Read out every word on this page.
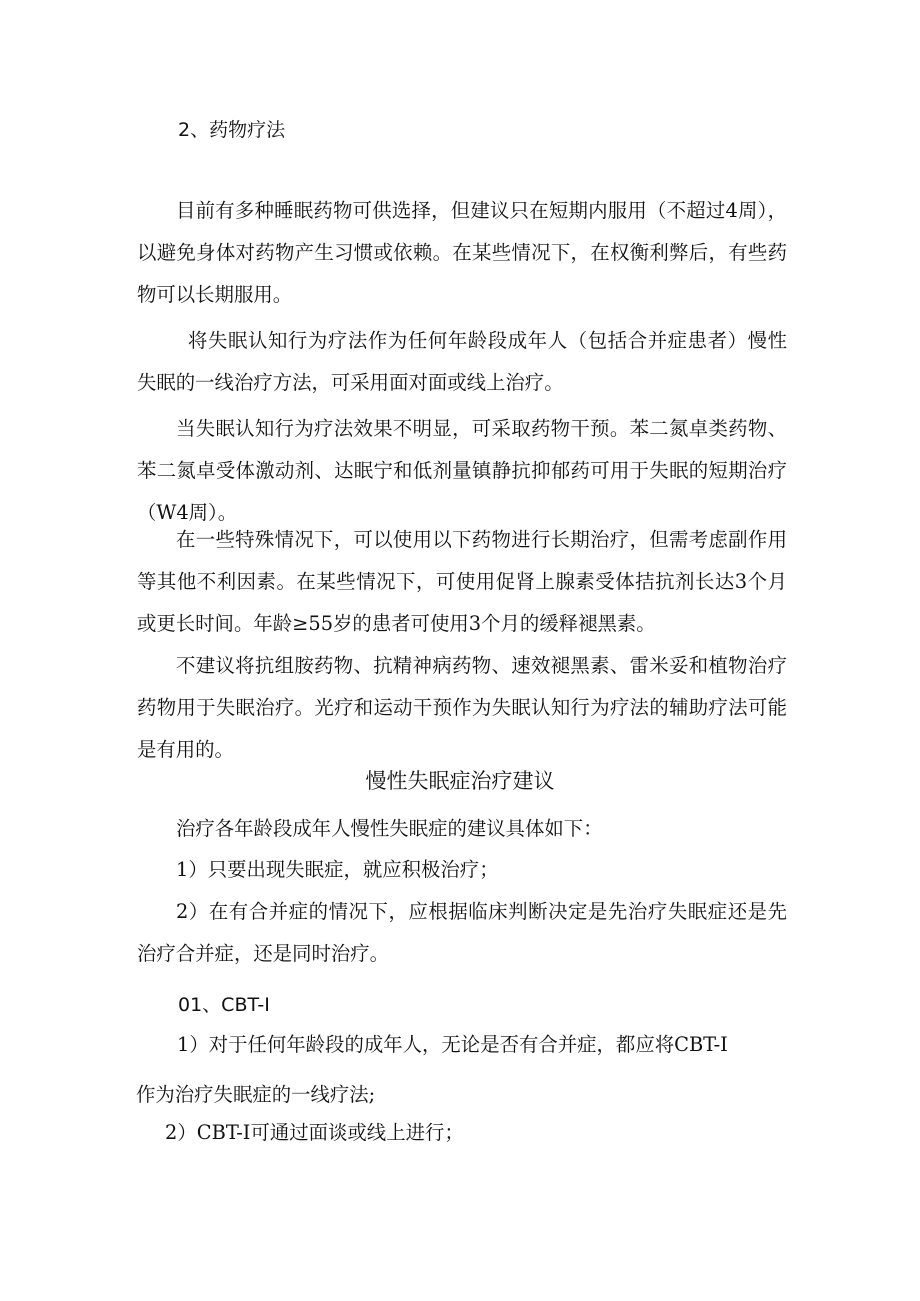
2、药物疗法

目前有多种睡眠药物可供选择，但建议只在短期内服用（不超过4周），以避免身体对药物产生习惯或依赖。在某些情况下，在权衡利弊后，有些药物可以长期服用。

将失眠认知行为疗法作为任何年龄段成年人（包括合并症患者）慢性失眠的一线治疗方法，可采用面对面或线上治疗。

当失眠认知行为疗法效果不明显，可采取药物干预。苯二氮卓类药物、苯二氮卓受体激动剂、达眠宁和低剂量镇静抗抑郁药可用于失眠的短期治疗（W4周）。

在一些特殊情况下，可以使用以下药物进行长期治疗，但需考虑副作用等其他不利因素。在某些情况下，可使用促肾上腺素受体拮抗剂长达3个月或更长时间。年龄≥55岁的患者可使用3个月的缓释褪黑素。

不建议将抗组胺药物、抗精神病药物、速效褪黑素、雷米妥和植物治疗药物用于失眠治疗。光疗和运动干预作为失眠认知行为疗法的辅助疗法可能是有用的。

慢性失眠症治疗建议

治疗各年龄段成年人慢性失眠症的建议具体如下：

1）只要出现失眠症，就应积极治疗；

2）在有合并症的情况下，应根据临床判断决定是先治疗失眠症还是先治疗合并症，还是同时治疗。

01、CBT-I
1）对于任何年龄段的成年人，无论是否有合并症，都应将CBT-I
作为治疗失眠症的一线疗法;
2）CBT-I可通过面谈或线上进行；
